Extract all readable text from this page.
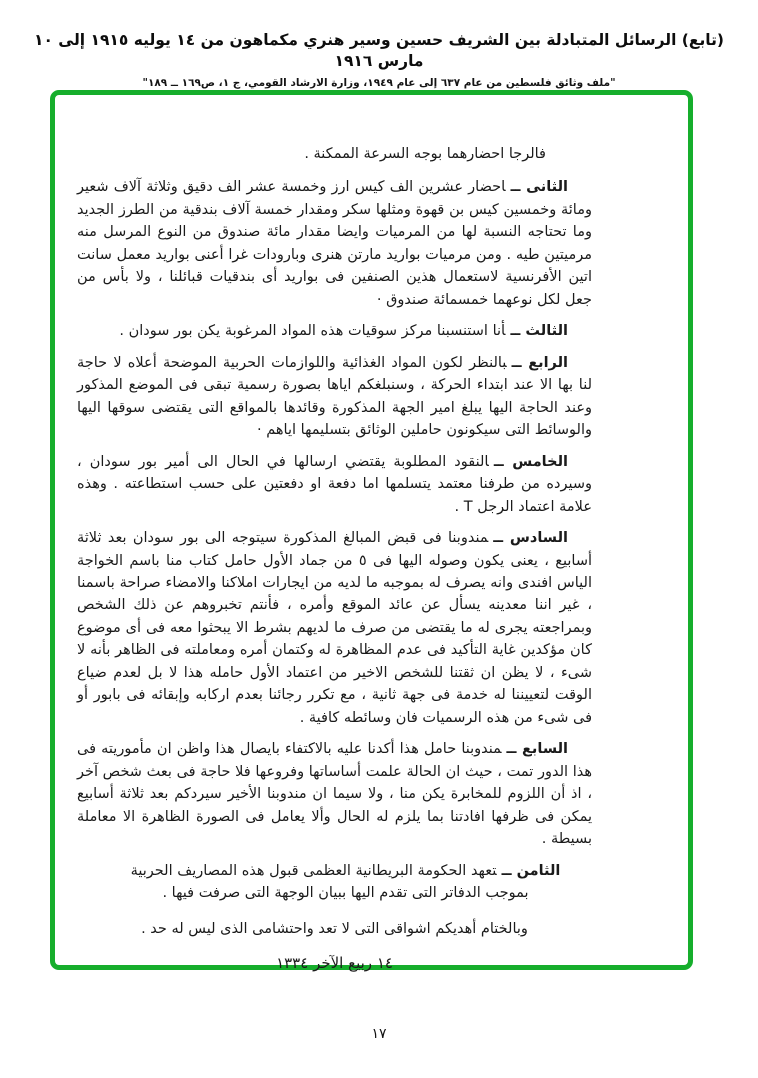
(تابع) الرسائل المتبادلة بين الشريف حسين وسير هنري مكماهون من ١٤ يوليه ١٩١٥ إلى ١٠ مارس ١٩١٦
"ملف وثائق فلسطين من عام ٦٣٧ إلى عام ١٩٤٩، وزارة الارشاد القومي، ج ١، ص١٦٩ ــ ١٨٩"

فالرجا احضارهما بوجه السرعة الممكنة .

الثانى ــاحضار عشرين الف كيس ارز وخمسة عشر الف دقيق وثلاثة آلاف شعير ومائة وخمسين كيس بن قهوة ومثلها سكر ومقدار خمسة آلاف بندقية من الطرز الجديد وما تحتاجه النسبة لها من المرميات وايضا مقدار مائة صندوق من النوع المرسل منه مرميتين طيه . ومن مرميات بواريد مارتن هنرى وبارودات غرا أعنى بواريد معمل سانت اتين الأفرنسية لاستعمال هذين الصنفين فى بواريد أى بندقيات قبائلنا ، ولا بأس من جعل لكل نوعهما خمسمائة صندوق ·

الثالث ــأنا استنسبنا مركز سوقيات هذه المواد المرغوبة يكن بور سودان .

الرابع ــبالنظر لكون المواد الغذائية واللوازمات الحربية الموضحة أعلاه لا حاجة لنا بها الا عند ابتداء الحركة ، وسنبلغكم اياها بصورة رسمية تبقى فى الموضع المذكور وعند الحاجة اليها يبلغ امير الجهة المذكورة وقائدها بالمواقع التى يقتضى سوقها اليها والوسائط التى سيكونون حاملين الوثائق بتسليمها اياهم ·

الخامس ــالنقود المطلوبة يقتضي ارسالها في الحال الى أمير بور سودان ، وسيرده من طرفنا معتمد يتسلمها اما دفعة او دفعتين على حسب استطاعته . وهذه علامة اعتماد الرجل T .

السادس ــمندوبنا فى قبض المبالغ المذكورة سيتوجه الى بور سودان بعد ثلاثة أسابيع ، يعنى يكون وصوله اليها فى ٥ من جماد الأول حامل كتاب منا باسم الخواجة الياس افندى وانه يصرف له بموجبه ما لديه من ايجارات املاكنا والامضاء صراحة باسمنا ، غير اننا معدينه يسأل عن عائد الموقع وأمره ، فأنتم تخبروهم عن ذلك الشخص وبمراجعته يجرى له ما يقتضى من صرف ما لديهم بشرط الا يبحثوا معه فى أى موضوع كان مؤكدين غاية التأكيد فى عدم المظاهرة له وكتمان أمره ومعاملته فى الظاهر بأنه لا شىء ، لا يظن ان ثقتنا للشخص الاخير من اعتماد الأول حامله هذا لا بل لعدم ضياع الوقت لتعييننا له خدمة فى جهة ثانية ، مع تكرر رجائنا بعدم اركابه وإبقائه فى بابور أو فى شىء من هذه الرسميات فان وسائطه كافية .

السابع ــمندوبنا حامل هذا أكدنا عليه بالاكتفاء بايصال هذا واظن ان مأموريته فى هذا الدور تمت ، حيث ان الحالة علمت أساساتها وفروعها فلا حاجة فى بعث شخص آخر ، اذ أن اللزوم للمخابرة يكن منا ، ولا سيما ان مندوبنا الأخير سيردكم بعد ثلاثة أسابيع يمكن فى ظرفها افادتنا بما يلزم له الحال وألا يعامل فى الصورة الظاهرة الا معاملة بسيطة .

الثامن ــتعهد الحكومة البريطانية العظمى قبول هذه المصاريف الحربية بموجب الدفاتر التى تقدم اليها ببيان الوجهة التى صرفت فيها .

وبالختام أهديكم اشواقى التى لا تعد واحتشامى الذى ليس له حد .

١٤ ربيع الآخر ١٣٣٤

١٧
